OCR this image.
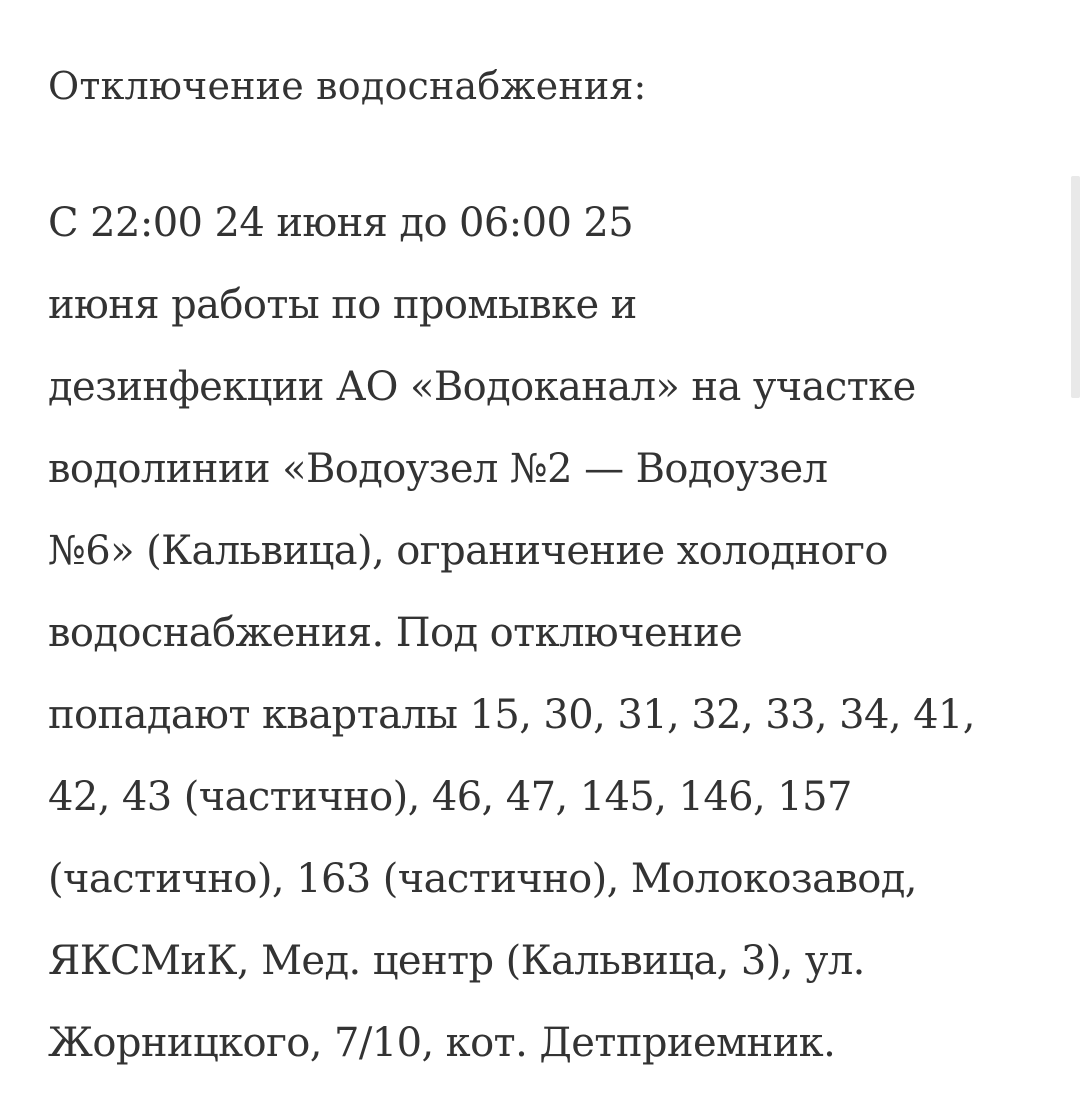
Отключение водоснабжения:

С 22:00 24 июня до 06:00 25
июня работы по промывке и
дезинфекции АО «Водоканал» на участке
водолинии «Водоузел №2 — Водоузел
№6» (Кальвица), ограничение холодного
водоснабжения. Под отключение
попадают кварталы 15, 30, 31, 32, 33, 34, 41,
42, 43 (частично), 46, 47, 145, 146, 157
(частично), 163 (частично), Молокозавод,
ЯКСМиК, Мед. центр (Кальвица, 3), ул.
Жорницкого, 7/10, кот. Детприемник.
